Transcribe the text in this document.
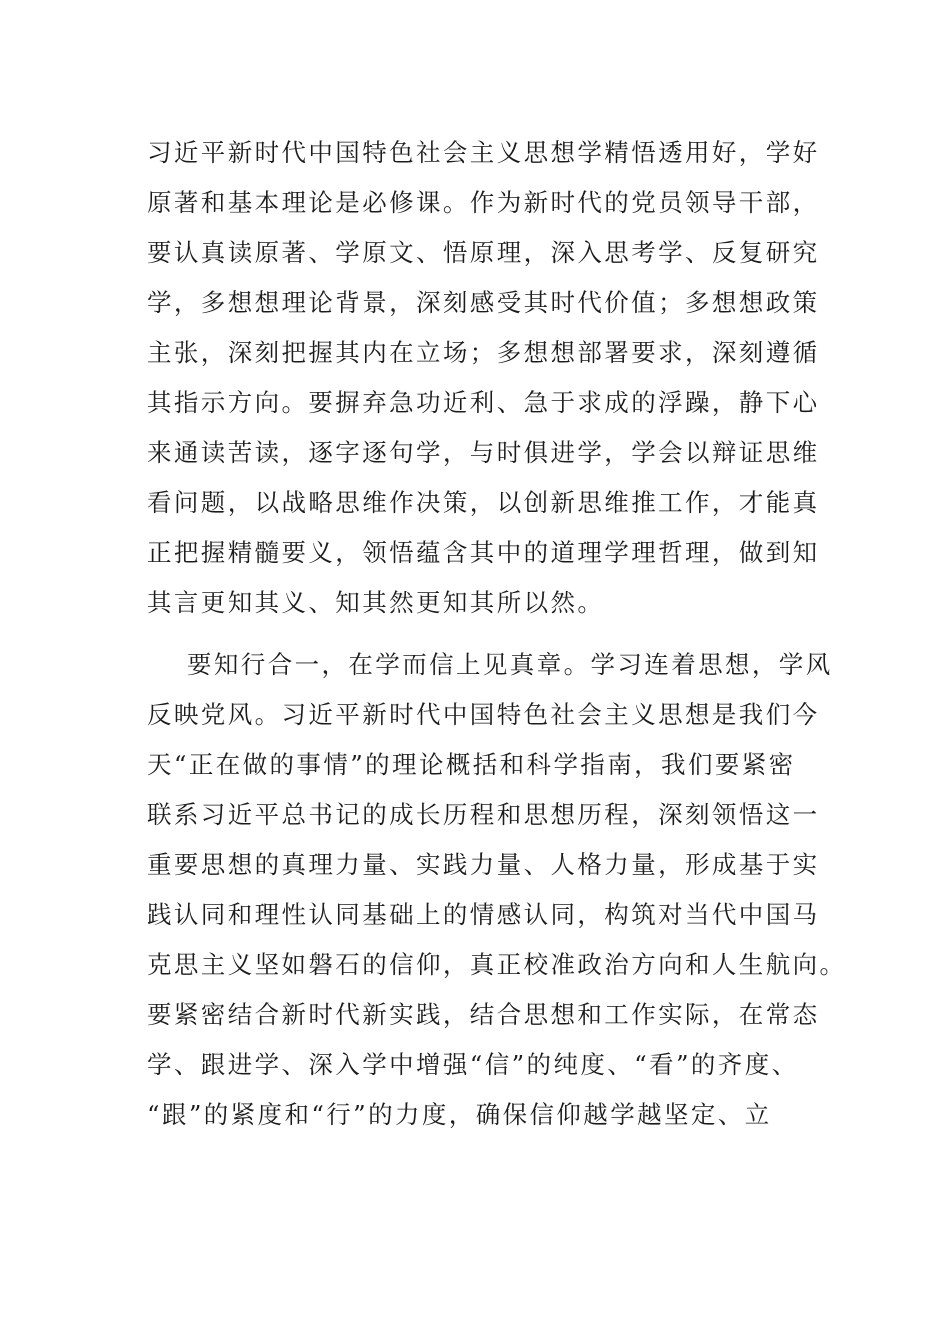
习近平新时代中国特色社会主义思想学精悟透用好，学好
原著和基本理论是必修课。作为新时代的党员领导干部，
要认真读原著、学原文、悟原理，深入思考学、反复研究
学，多想想理论背景，深刻感受其时代价值；多想想政策
主张，深刻把握其内在立场；多想想部署要求，深刻遵循
其指示方向。要摒弃急功近利、急于求成的浮躁，静下心
来通读苦读，逐字逐句学，与时俱进学，学会以辩证思维
看问题，以战略思维作决策，以创新思维推工作，才能真
正把握精髓要义，领悟蕴含其中的道理学理哲理，做到知
其言更知其义、知其然更知其所以然。
要知行合一，在学而信上见真章。学习连着思想，学风
反映党风。习近平新时代中国特色社会主义思想是我们今
天“正在做的事情”的理论概括和科学指南，我们要紧密
联系习近平总书记的成长历程和思想历程，深刻领悟这一
重要思想的真理力量、实践力量、人格力量，形成基于实
践认同和理性认同基础上的情感认同，构筑对当代中国马
克思主义坚如磐石的信仰，真正校准政治方向和人生航向。
要紧密结合新时代新实践，结合思想和工作实际，在常态
学、跟进学、深入学中增强“信”的纯度、“看”的齐度、
“跟”的紧度和“行”的力度，确保信仰越学越坚定、立
